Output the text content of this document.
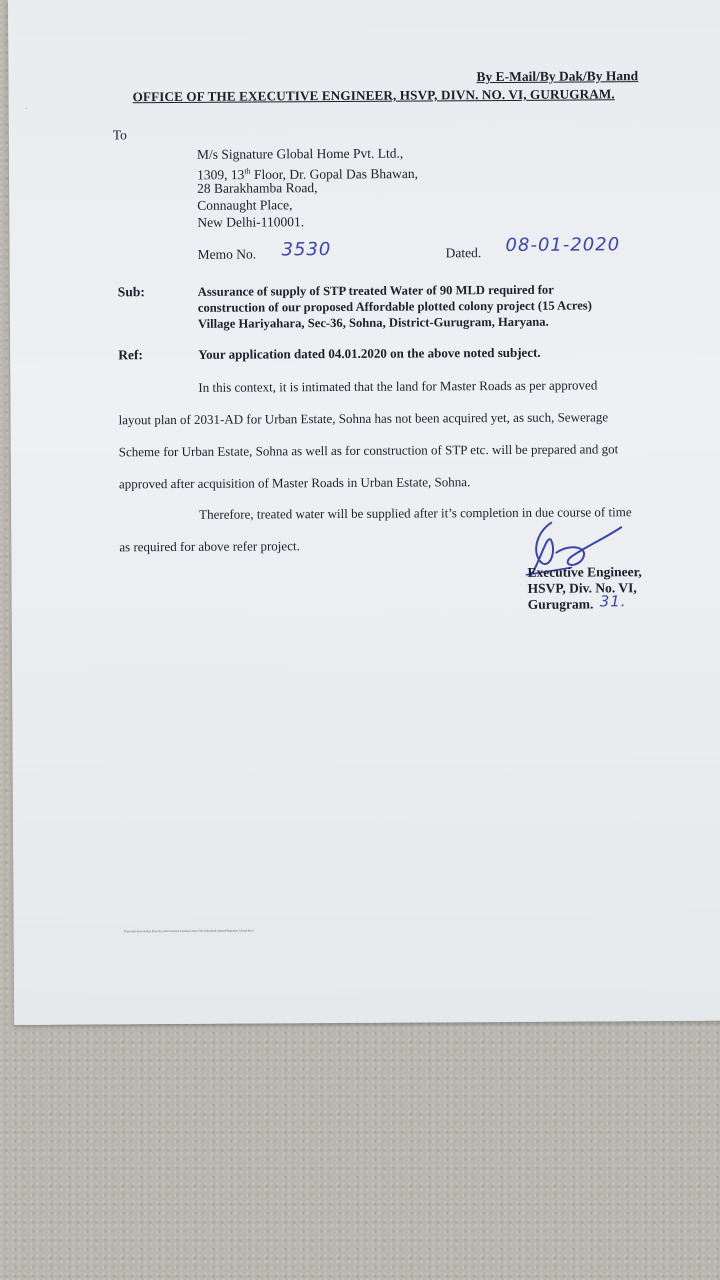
˙
By E-Mail/By Dak/By Hand
OFFICE OF THE EXECUTIVE ENGINEER, HSVP, DIVN. NO. VI, GURUGRAM.
To
M/s Signature Global Home Pvt. Ltd.,
1309, 13th Floor, Dr. Gopal Das Bhawan,
28 Barakhamba Road,
Connaught Place,
New Delhi-110001.
Memo No. 3530	Dated. 08-01-2020
Sub:	Assurance of supply of STP treated Water of 90 MLD required for
construction of our proposed Affordable plotted colony project (15 Acres)
Village Hariyahara, Sec-36, Sohna, District-Gurugram, Haryana.
Ref:	Your application dated 04.01.2020 on the above noted subject.
In this context, it is intimated that the land for Master Roads as per approved
layout plan of 2031-AD for Urban Estate, Sohna has not been acquired yet, as such, Sewerage
Scheme for Urban Estate, Sohna as well as for construction of STP etc. will be prepared and got
approved after acquisition of Master Roads in Urban Estate, Sohna.
Therefore, treated water will be supplied after it’s completion in due course of time
as required for above refer project.
Executive Engineer,
HSVP, Div. No. VI,
Gurugram. 31.
D:\paaroli drive\Sohna Branch Letter\Clearance\Sohna Letter File\Affordable plotted\Signature Global.docx
